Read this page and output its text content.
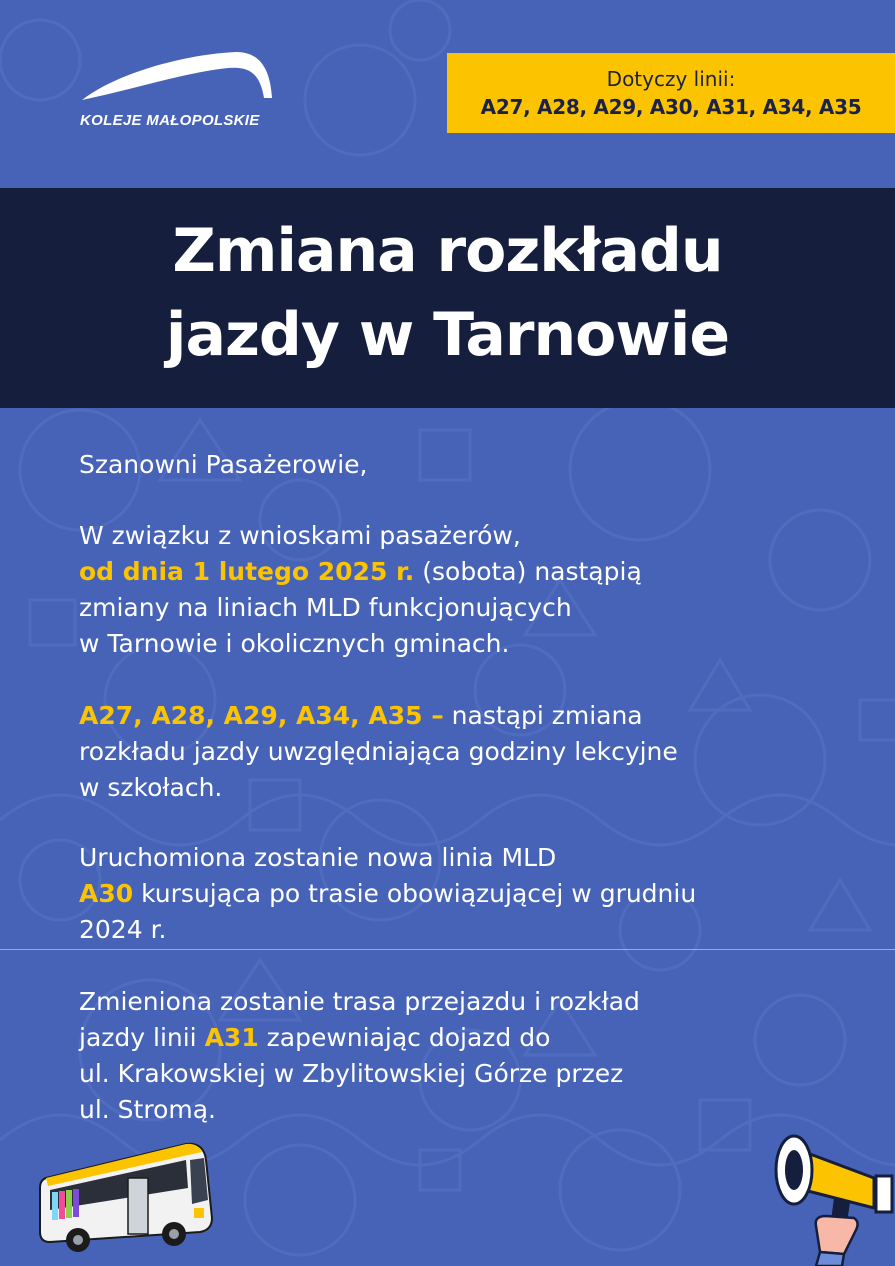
KOLEJE MAŁOPOLSKIE
Dotyczy linii:
A27, A28, A29, A30, A31, A34, A35
Zmiana rozkładu
jazdy w Tarnowie
Szanowni Pasażerowie,
W związku z wnioskami pasażerów,
od dnia 1 lutego 2025 r. (sobota) nastąpią
zmiany na liniach MLD funkcjonujących
w Tarnowie i okolicznych gminach.
A27, A28, A29, A34, A35 – nastąpi zmiana
rozkładu jazdy uwzględniająca godziny lekcyjne
w szkołach.
Uruchomiona zostanie nowa linia MLD
A30 kursująca po trasie obowiązującej w grudniu
2024 r.
Zmieniona zostanie trasa przejazdu i rozkład
jazdy linii A31 zapewniając dojazd do
ul. Krakowskiej w Zbylitowskiej Górze przez
ul. Stromą.
